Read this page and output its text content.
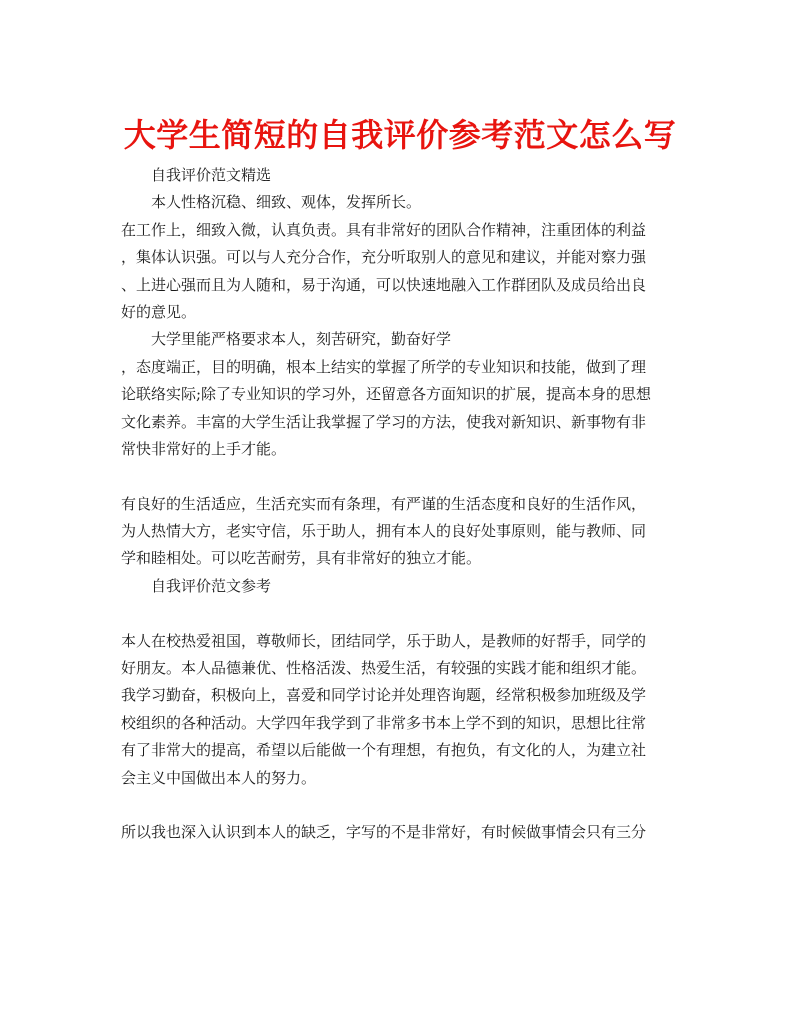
大学生简短的自我评价参考范文怎么写
自我评价范文精选
本人性格沉稳、细致、观体，发挥所长。
在工作上，细致入微，认真负责。具有非常好的团队合作精神，注重团体的利益
，集体认识强。可以与人充分合作，充分听取别人的意见和建议，并能对察力强
、上进心强而且为人随和，易于沟通，可以快速地融入工作群团队及成员给出良
好的意见。
大学里能严格要求本人，刻苦研究，勤奋好学
，态度端正，目的明确，根本上结实的掌握了所学的专业知识和技能，做到了理
论联络实际;除了专业知识的学习外，还留意各方面知识的扩展，提高本身的思想
文化素养。丰富的大学生活让我掌握了学习的方法，使我对新知识、新事物有非
常快非常好的上手才能。
有良好的生活适应，生活充实而有条理，有严谨的生活态度和良好的生活作风，
为人热情大方，老实守信，乐于助人，拥有本人的良好处事原则，能与教师、同
学和睦相处。可以吃苦耐劳，具有非常好的独立才能。
自我评价范文参考
本人在校热爱祖国，尊敬师长，团结同学，乐于助人，是教师的好帮手，同学的
好朋友。本人品德兼优、性格活泼、热爱生活，有较强的实践才能和组织才能。
我学习勤奋，积极向上，喜爱和同学讨论并处理咨询题，经常积极参加班级及学
校组织的各种活动。大学四年我学到了非常多书本上学不到的知识，思想比往常
有了非常大的提高，希望以后能做一个有理想，有抱负，有文化的人，为建立社
会主义中国做出本人的努力。
所以我也深入认识到本人的缺乏，字写的不是非常好，有时候做事情会只有三分
